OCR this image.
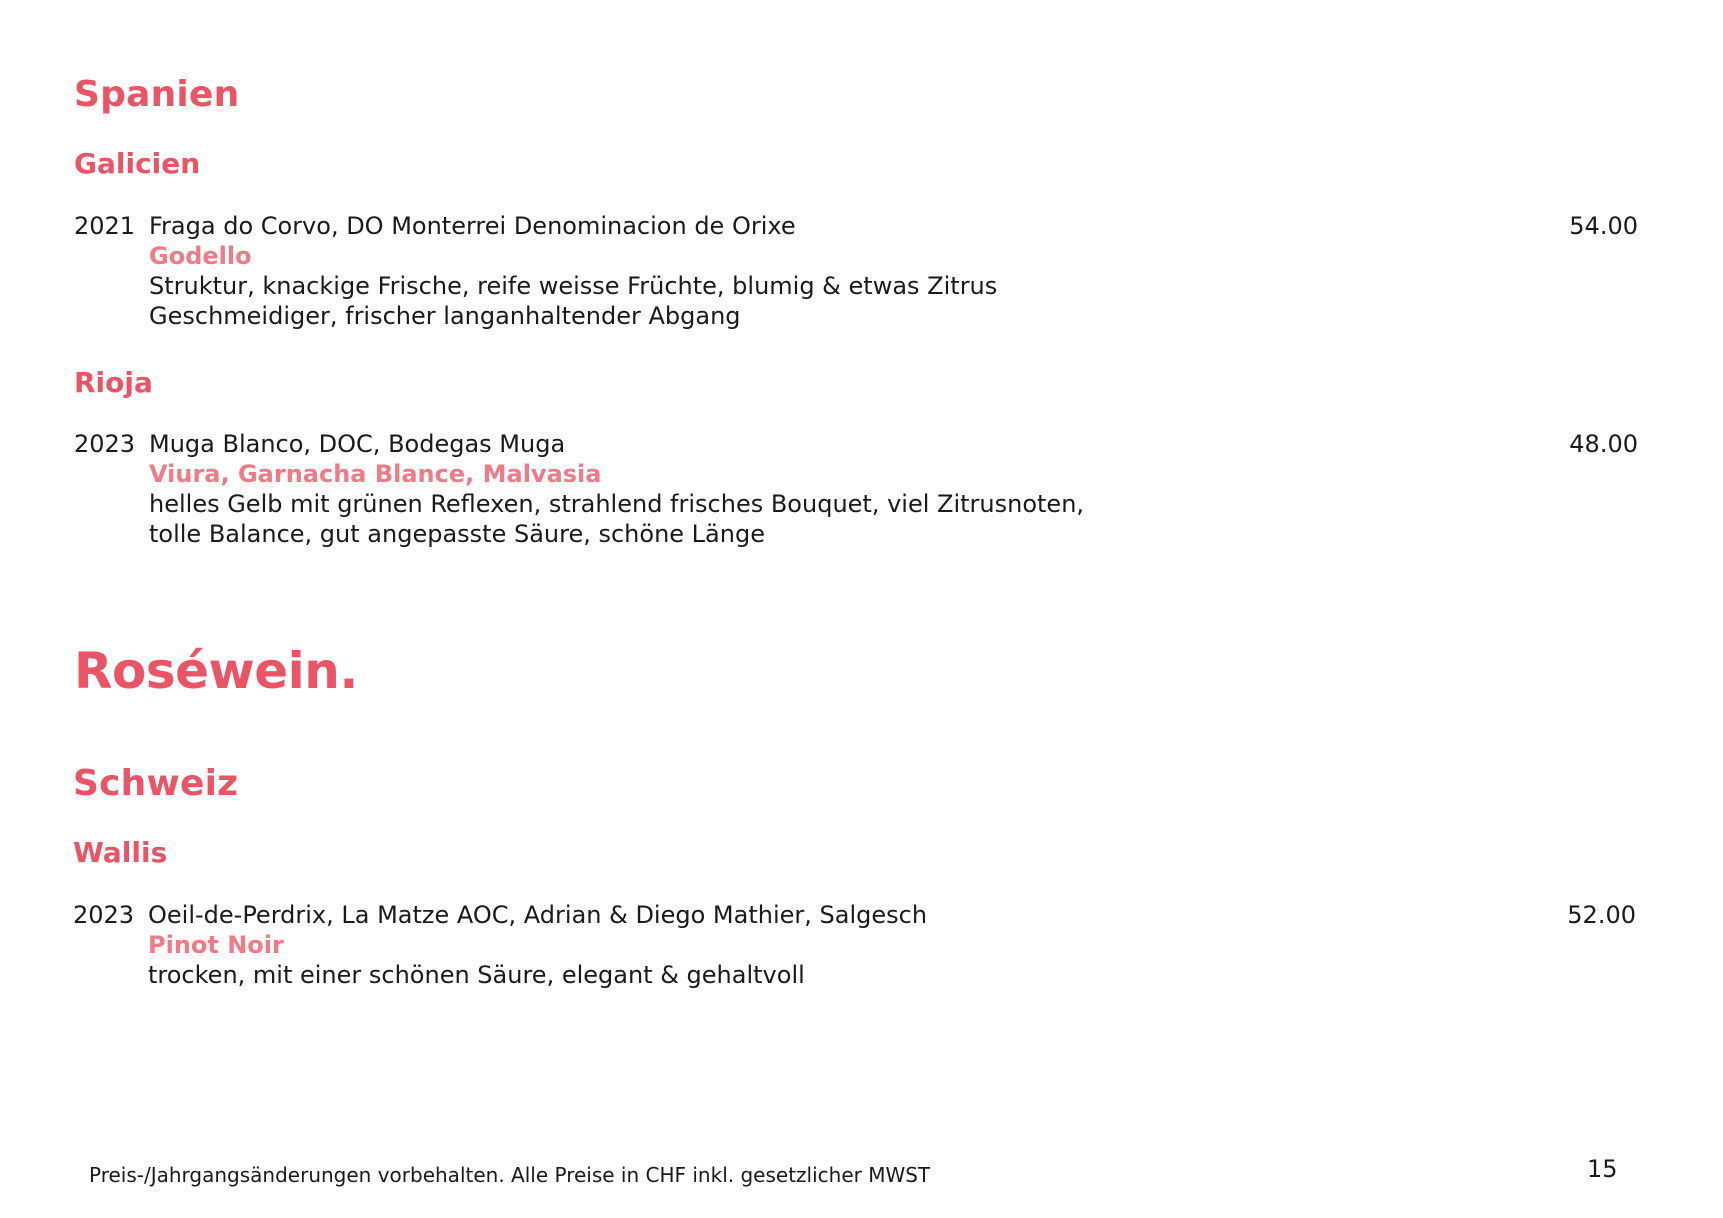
Spanien
Galicien
2021 Fraga do Corvo, DO Monterrei Denominacion de Orixe
Godello
Struktur, knackige Frische, reife weisse Früchte, blumig & etwas Zitrus
Geschmeidiger, frischer langanhaltender Abgang
54.00
Rioja
2023 Muga Blanco, DOC, Bodegas Muga
Viura, Garnacha Blance, Malvasia
helles Gelb mit grünen Reflexen, strahlend frisches Bouquet, viel Zitrusnoten,
tolle Balance, gut angepasste Säure, schöne Länge
48.00
Roséwein.
Schweiz
Wallis
2023 Oeil-de-Perdrix, La Matze AOC, Adrian & Diego Mathier, Salgesch
Pinot Noir
trocken, mit einer schönen Säure, elegant & gehaltvoll
52.00
Preis-/Jahrgangsänderungen vorbehalten. Alle Preise in CHF inkl. gesetzlicher MWST	15
